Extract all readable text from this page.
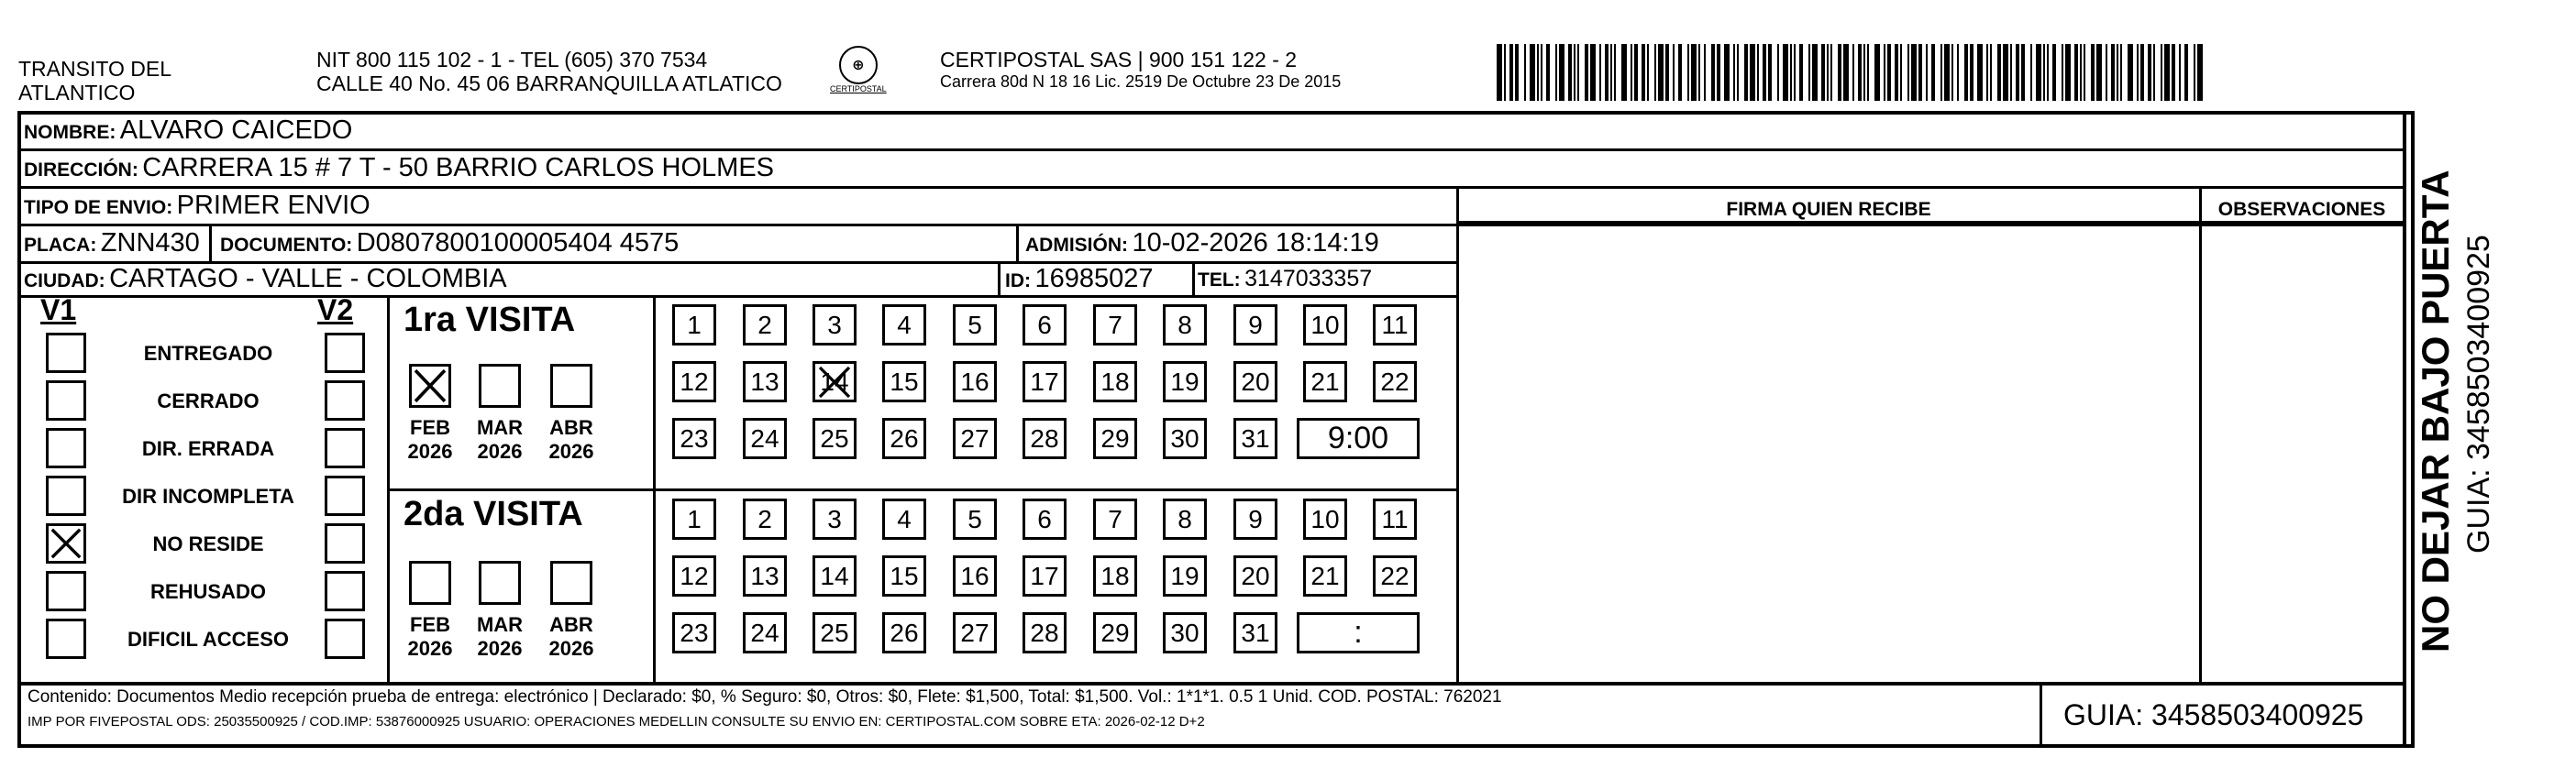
TRANSITO DEL
ATLANTICO
NIT 800 115 102 - 1 - TEL (605) 370 7534
CALLE 40 No. 45 06 BARRANQUILLA ATLATICO
⊕
CERTIPOSTAL
CERTIPOSTAL SAS | 900 151 122 - 2
Carrera 80d N 18 16 Lic. 2519 De Octubre 23 De 2015
NOMBRE: ALVARO CAICEDO
DIRECCIÓN: CARRERA 15 # 7 T - 50 BARRIO CARLOS HOLMES
TIPO DE ENVIO: PRIMER ENVIO	FIRMA QUIEN RECIBE	OBSERVACIONES
PLACA: ZNN430 DOCUMENTO: D0807800100005404 4575	ADMISIÓN: 10-02-2026 18:14:19
CIUDAD: CARTAGO - VALLE - COLOMBIA	ID: 16985027 TEL: 3147033357
V1	V2
ENTREGADO
CERRADO
DIR. ERRADA
DIR INCOMPLETA
NO RESIDE
REHUSADO
DIFICIL ACCESO
1ra VISITA
2da VISITA
FEB
2026
MAR
2026
ABR
2026
FEB
2026
MAR
2026
ABR
2026
1	2	3	4	5	6	7	8	9	10	11
12	13	14	15	16	17	18	19	20	21	22
23	24	25	26	27	28	29	30	31	9:00
1	2	3	4	5	6	7	8	9	10	11
12	13	14	15	16	17	18	19	20	21	22
23	24	25	26	27	28	29	30	31	:
Contenido: Documentos Medio recepción prueba de entrega: electrónico | Declarado: $0, % Seguro: $0, Otros: $0, Flete: $1,500, Total: $1,500. Vol.: 1*1*1. 0.5 1 Unid. COD. POSTAL: 762021
IMP POR FIVEPOSTAL ODS: 25035500925 / COD.IMP: 53876000925 USUARIO: OPERACIONES MEDELLIN CONSULTE SU ENVIO EN: CERTIPOSTAL.COM SOBRE ETA: 2026-02-12 D+2	GUIA: 3458503400925
NO DEJAR BAJO PUERTA GUIA: 3458503400925
